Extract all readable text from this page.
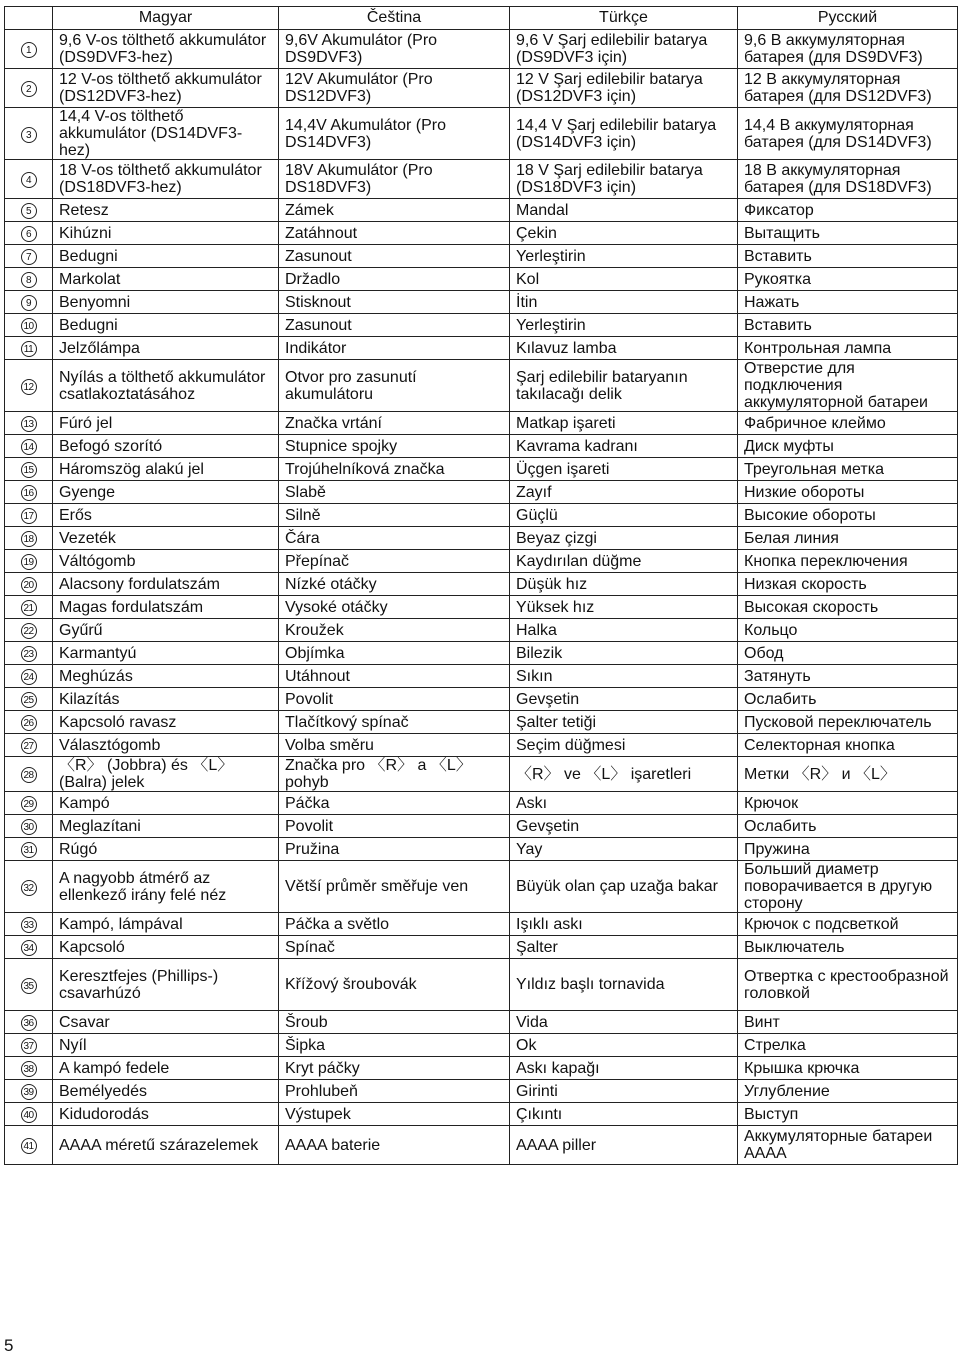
	Magyar	Čeština	Türkçe	Русский
1	9,6 V-os tölthető akkumulátor (DS9DVF3-hez)	9,6V Akumulátor (Pro DS9DVF3)	9,6 V Şarj edilebilir batarya (DS9DVF3 için)	9,6 В аккумуляторная батарея (для DS9DVF3)
2	12 V-os tölthető akkumulátor (DS12DVF3-hez)	12V Akumulátor (Pro DS12DVF3)	12 V Şarj edilebilir batarya (DS12DVF3 için)	12 В аккумуляторная батарея (для DS12DVF3)
3	14,4 V-os tölthető akkumulátor (DS14DVF3-hez)	14,4V Akumulátor (Pro DS14DVF3)	14,4 V Şarj edilebilir batarya (DS14DVF3 için)	14,4 В аккумуляторная батарея (для DS14DVF3)
4	18 V-os tölthető akkumulátor (DS18DVF3-hez)	18V Akumulátor (Pro DS18DVF3)	18 V Şarj edilebilir batarya (DS18DVF3 için)	18 В аккумуляторная батарея (для DS18DVF3)
5	Retesz	Zámek	Mandal	Фиксатор
6	Kihúzni	Zatáhnout	Çekin	Вытащить
7	Bedugni	Zasunout	Yerleştirin	Вставить
8	Markolat	Držadlo	Kol	Рукоятка
9	Benyomni	Stisknout	İtin	Нажать
10	Bedugni	Zasunout	Yerleştirin	Вставить
11	Jelzőlámpa	Indikátor	Kılavuz lamba	Контрольная лампа
12	Nyílás a tölthető akkumulátor csatlakoztatásához	Otvor pro zasunutí akumulátoru	Şarj edilebilir bataryanın takılacağı delik	Отверстие для подключения аккумуляторной батареи
13	Fúró jel	Značka vrtání	Matkap işareti	Фабричное клеймо
14	Befogó szorító	Stupnice spojky	Kavrama kadranı	Диск муфты
15	Háromszög alakú jel	Trojúhelníková značka	Üçgen işareti	Треугольная метка
16	Gyenge	Slabě	Zayıf	Низкие обороты
17	Erős	Silně	Güçlü	Высокие обороты
18	Vezeték	Čára	Beyaz çizgi	Белая линия
19	Váltógomb	Přepínač	Kaydırılan düğme	Кнопка переключения
20	Alacsony fordulatszám	Nízké otáčky	Düşük hız	Низкая скорость
21	Magas fordulatszám	Vysoké otáčky	Yüksek hız	Высокая скорость
22	Gyűrű	Kroužek	Halka	Кольцо
23	Karmantyú	Objímka	Bilezik	Обод
24	Meghúzás	Utáhnout	Sıkın	Затянуть
25	Kilazítás	Povolit	Gevşetin	Ослабить
26	Kapcsoló ravasz	Tlačítkový spínač	Şalter tetiği	Пусковой переключатель
27	Választógomb	Volba směru	Seçim düğmesi	Селекторная кнопка
28	〈R〉 (Jobbra) és 〈L〉 (Balra) jelek	Značka pro 〈R〉 a 〈L〉 pohyb	〈R〉 ve 〈L〉 işaretleri	Метки 〈R〉 и 〈L〉
29	Kampó	Páčka	Askı	Крючок
30	Meglazítani	Povolit	Gevşetin	Ослабить
31	Rúgó	Pružina	Yay	Пружина
32	A nagyobb átmérő az ellenkező irány felé néz	Větší průměr směřuje ven	Büyük olan çap uzağa bakar	Больший диаметр поворачивается в другую сторону
33	Kampó, lámpával	Páčka a světlo	Işıklı askı	Крючок с подсветкой
34	Kapcsoló	Spínač	Şalter	Выключатель
35	Keresztfejes (Phillips-) csavarhúzó	Křížový šroubovák	Yıldız başlı tornavida	Отвертка с крестообразной головкой
36	Csavar	Šroub	Vida	Винт
37	Nyíl	Šipka	Ok	Стрелка
38	A kampó fedele	Kryt páčky	Askı kapağı	Крышка крючка
39	Bemélyedés	Prohlubeň	Girinti	Углубление
40	Kidudorodás	Výstupek	Çıkıntı	Выступ
41	AAAA méretű szárazelemek	AAAA baterie	AAAA piller	Аккумуляторные батареи AAAA
5
